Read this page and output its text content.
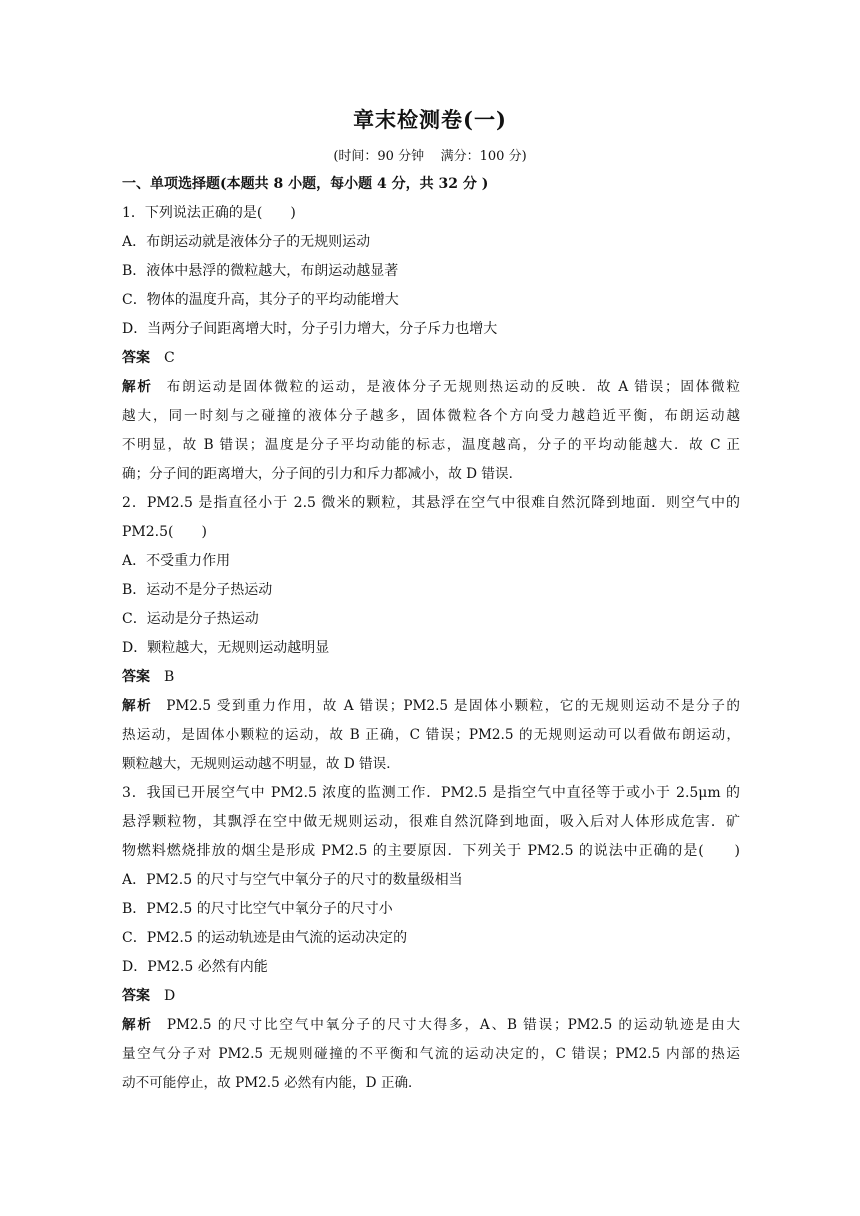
章末检测卷(一)
(时间：90 分钟    满分：100 分)
一、单项选择题(本题共 8 小题，每小题 4 分，共 32 分 )
1．下列说法正确的是(　　)
A．布朗运动就是液体分子的无规则运动
B．液体中悬浮的微粒越大，布朗运动越显著
C．物体的温度升高，其分子的平均动能增大
D．当两分子间距离增大时，分子引力增大，分子斥力也增大
答案 C
解析 布朗运动是固体微粒的运动，是液体分子无规则热运动的反映．故 A 错误；固体微粒
越大，同一时刻与之碰撞的液体分子越多，固体微粒各个方向受力越趋近平衡，布朗运动越
不明显，故 B 错误；温度是分子平均动能的标志，温度越高，分子的平均动能越大．故 C 正
确；分子间的距离增大，分子间的引力和斥力都减小，故 D 错误．
2．PM2.5 是指直径小于 2.5 微米的颗粒，其悬浮在空气中很难自然沉降到地面．则空气中的
PM2.5(　　)
A．不受重力作用
B．运动不是分子热运动
C．运动是分子热运动
D．颗粒越大，无规则运动越明显
答案 B
解析 PM2.5 受到重力作用，故 A 错误；PM2.5 是固体小颗粒，它的无规则运动不是分子的
热运动，是固体小颗粒的运动，故 B 正确，C 错误；PM2.5 的无规则运动可以看做布朗运动，
颗粒越大，无规则运动越不明显，故 D 错误．
3．我国已开展空气中 PM2.5 浓度的监测工作．PM2.5 是指空气中直径等于或小于 2.5μm 的
悬浮颗粒物，其飘浮在空中做无规则运动，很难自然沉降到地面，吸入后对人体形成危害．矿
物燃料燃烧排放的烟尘是形成 PM2.5 的主要原因．下列关于 PM2.5 的说法中正确的是(　　)
A．PM2.5 的尺寸与空气中氧分子的尺寸的数量级相当
B．PM2.5 的尺寸比空气中氧分子的尺寸小
C．PM2.5 的运动轨迹是由气流的运动决定的
D．PM2.5 必然有内能
答案 D
解析 PM2.5 的尺寸比空气中氧分子的尺寸大得多，A、B 错误；PM2.5 的运动轨迹是由大
量空气分子对 PM2.5 无规则碰撞的不平衡和气流的运动决定的，C 错误；PM2.5 内部的热运
动不可能停止，故 PM2.5 必然有内能，D 正确．
